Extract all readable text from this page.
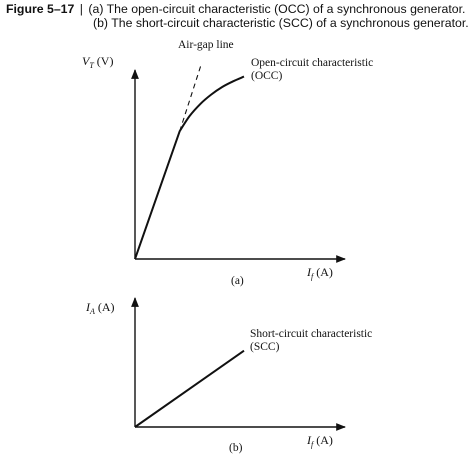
Figure 5–17 | (a) The open-circuit characteristic (OCC) of a synchronous generator.
(b) The short-circuit characteristic (SCC) of a synchronous generator.
$V_T$ (V)
$I_f$ (A)
Air-gap line
Open-circuit characteristic
(OCC)
(a)
$I_A$ (A)
$I_f$ (A)
Short-circuit characteristic
(SCC)
(b)
